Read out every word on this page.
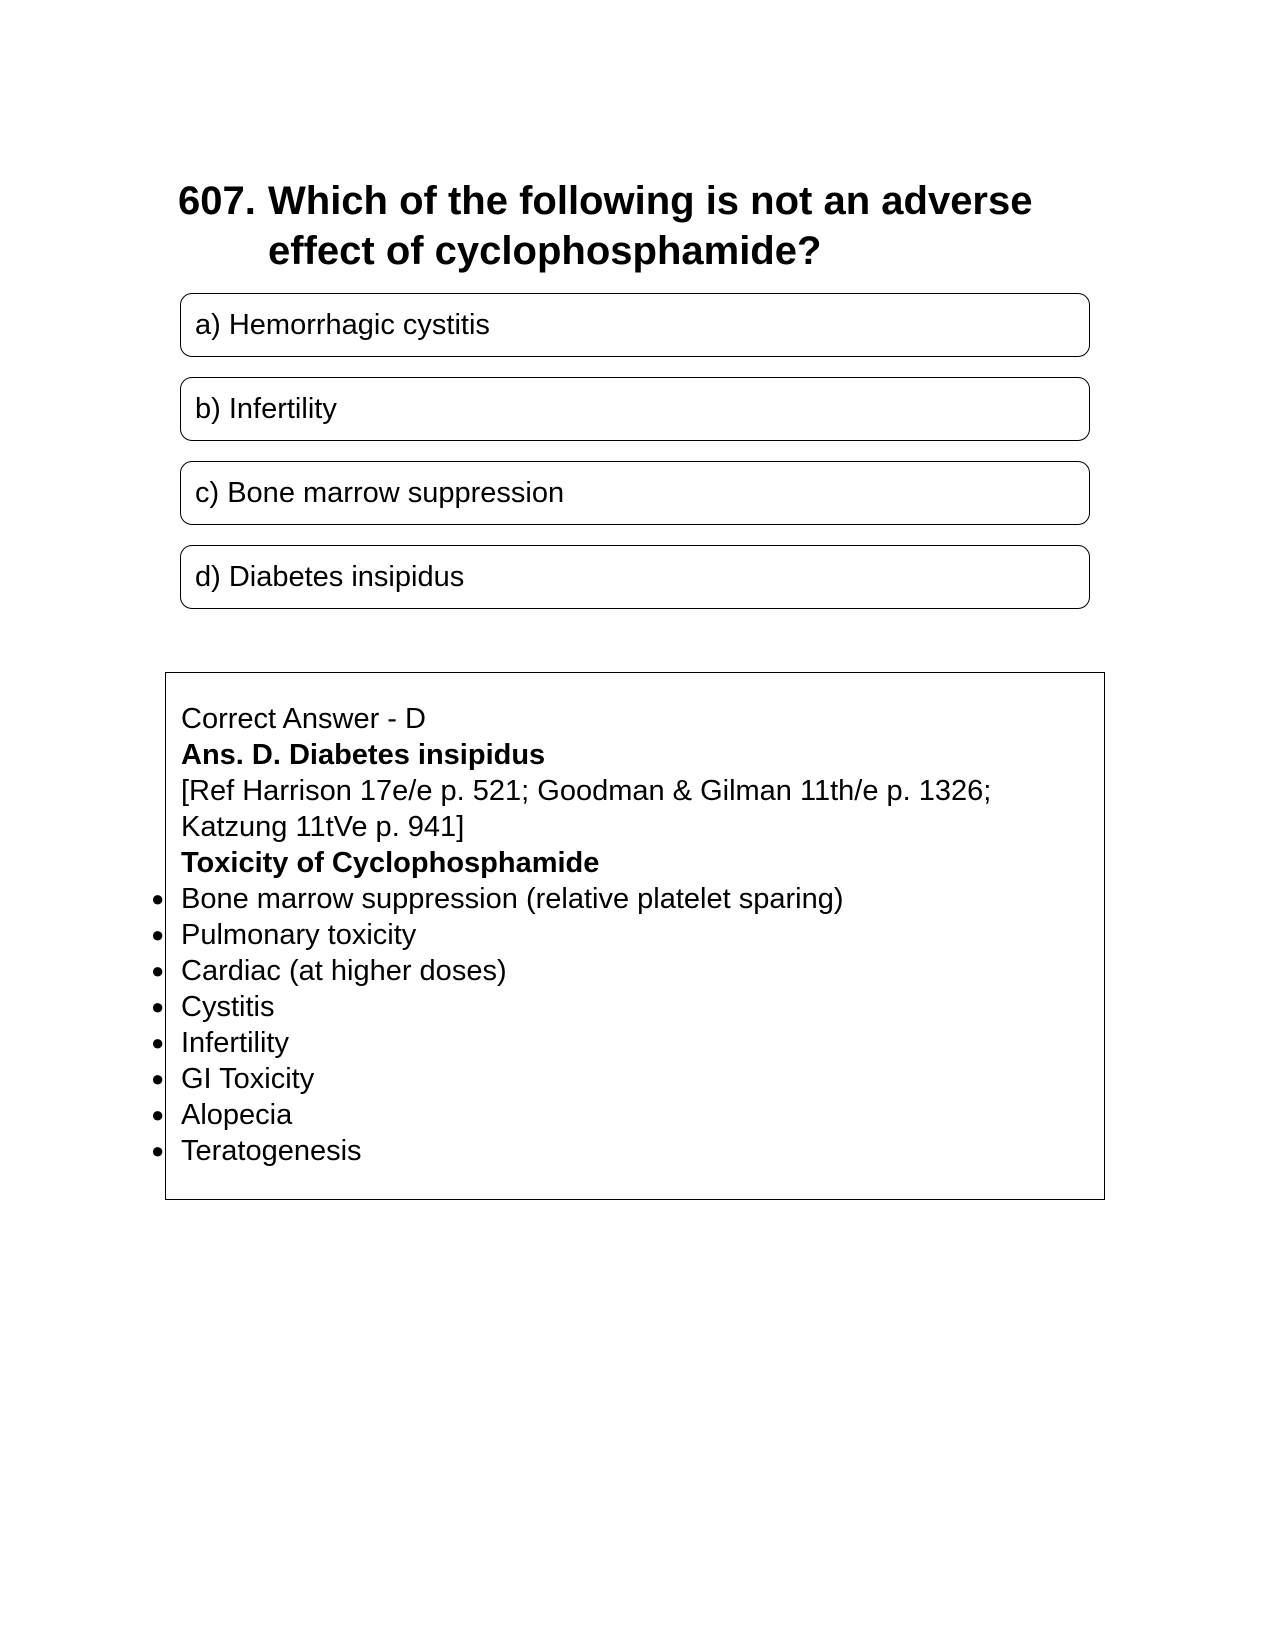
607. Which of the following is not an adverse effect of cyclophosphamide?
a) Hemorrhagic cystitis
b) Infertility
c) Bone marrow suppression
d) Diabetes insipidus
Correct Answer - D
Ans. D. Diabetes insipidus
[Ref Harrison 17e/e p. 521; Goodman & Gilman 11th/e p. 1326;
Katzung 11tVe p. 941]
Toxicity of Cyclophosphamide
● Bone marrow suppression (relative platelet sparing)
● Pulmonary toxicity
● Cardiac (at higher doses)
● Cystitis
● Infertility
● GI Toxicity
● Alopecia
● Teratogenesis
